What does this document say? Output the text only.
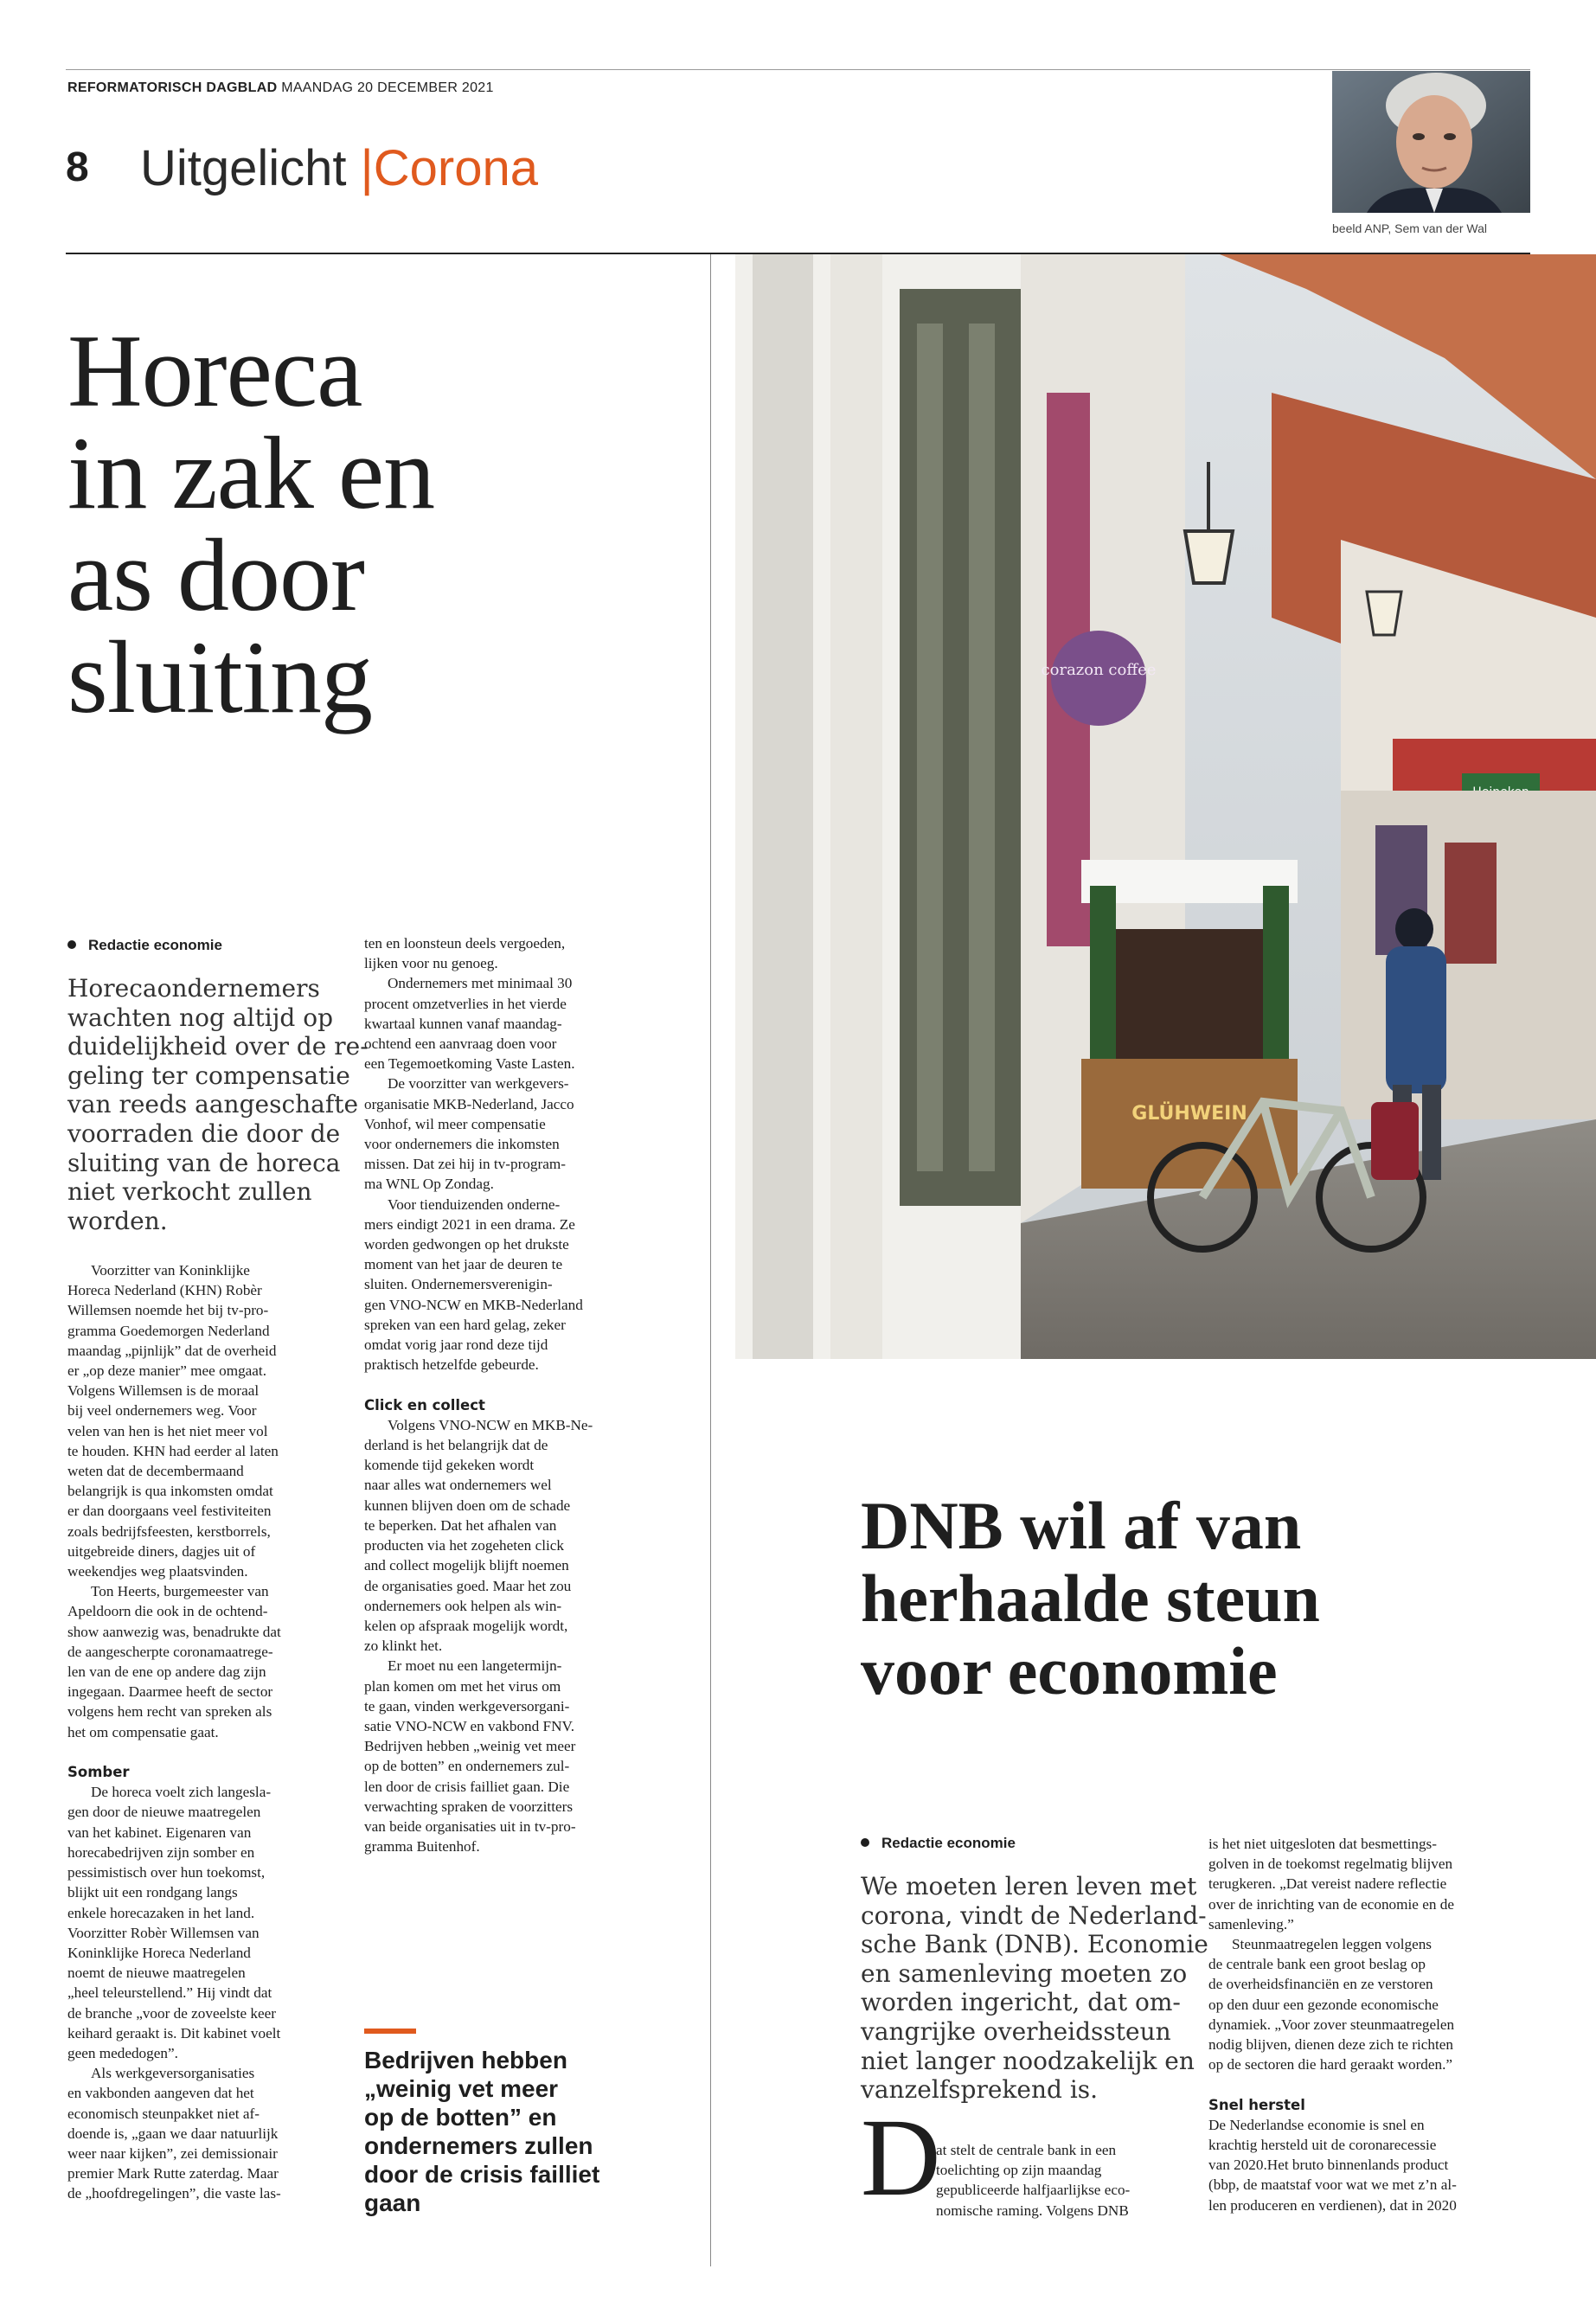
REFORMATORISCH DAGBLAD MAANDAG 20 DECEMBER 2021
8 Uitgelicht |Corona
beeld ANP, Sem van der Wal
Horeca
in zak en
as door
sluiting	corazon coffee
GLÜHWEIN
Redactie economie
Horecaondernemers
wachten nog altijd op
duidelijkheid over de re-
geling ter compensatie
van reeds aangeschafte
voorraden die door de
sluiting van de horeca
niet verkocht zullen
worden.
Voorzitter van Koninklijke
Horeca Nederland (KHN) Robèr
Willemsen noemde het bij tv-pro-
gramma Goedemorgen Nederland
maandag „pijnlijk” dat de overheid
er „op deze manier” mee omgaat.
Volgens Willemsen is de moraal
bij veel ondernemers weg. Voor
velen van hen is het niet meer vol
te houden. KHN had eerder al laten
weten dat de decembermaand
belangrijk is qua inkomsten omdat
er dan doorgaans veel festiviteiten
zoals bedrijfsfeesten, kerstborrels,
uitgebreide diners, dagjes uit of
weekendjes weg plaatsvinden.
Ton Heerts, burgemeester van
Apeldoorn die ook in de ochtend-
show aanwezig was, benadrukte dat
de aangescherpte coronamaatrege-
len van de ene op andere dag zijn
ingegaan. Daarmee heeft de sector
volgens hem recht van spreken als
het om compensatie gaat.

Somber
De horeca voelt zich langesla-
gen door de nieuwe maatregelen
van het kabinet. Eigenaren van
horecabedrijven zijn somber en
pessimistisch over hun toekomst,
blijkt uit een rondgang langs
enkele horecazaken in het land.
Voorzitter Robèr Willemsen van
Koninklijke Horeca Nederland
noemt de nieuwe maatregelen
„heel teleurstellend.” Hij vindt dat
de branche „voor de zoveelste keer
keihard geraakt is. Dit kabinet voelt
geen mededogen”.
Als werkgeversorganisaties
en vakbonden aangeven dat het
economisch steunpakket niet af-
doende is, „gaan we daar natuurlijk
weer naar kijken”, zei demissionair
premier Mark Rutte zaterdag. Maar
de „hoofdregelingen”, die vaste las-
ten en loonsteun deels vergoeden,
lijken voor nu genoeg.
Ondernemers met minimaal 30
procent omzetverlies in het vierde
kwartaal kunnen vanaf maandag-
ochtend een aanvraag doen voor
een Tegemoetkoming Vaste Lasten.
De voorzitter van werkgevers-
organisatie MKB-Nederland, Jacco
Vonhof, wil meer compensatie
voor ondernemers die inkomsten
missen. Dat zei hij in tv-program-
ma WNL Op Zondag.
Voor tienduizenden onderne-
mers eindigt 2021 in een drama. Ze
worden gedwongen op het drukste
moment van het jaar de deuren te
sluiten. Ondernemersverenigin-
gen VNO-NCW en MKB-Nederland
spreken van een hard gelag, zeker
omdat vorig jaar rond deze tijd
praktisch hetzelfde gebeurde.

Click en collect
Volgens VNO-NCW en MKB-Ne-
derland is het belangrijk dat de
komende tijd gekeken wordt
naar alles wat ondernemers wel
kunnen blijven doen om de schade
te beperken. Dat het afhalen van
producten via het zogeheten click
and collect mogelijk blijft noemen
de organisaties goed. Maar het zou
ondernemers ook helpen als win-
kelen op afspraak mogelijk wordt,
zo klinkt het.
Er moet nu een langetermijn-
plan komen om met het virus om
te gaan, vinden werkgeversorgani-
satie VNO-NCW en vakbond FNV.
Bedrijven hebben „weinig vet meer
op de botten” en ondernemers zul-
len door de crisis failliet gaan. Die
verwachting spraken de voorzitters
van beide organisaties uit in tv-pro-
gramma Buitenhof.
Bedrijven hebben
„weinig vet meer
op de botten” en
ondernemers zullen
door de crisis failliet
gaan
DNB wil af van
herhaalde steun
voor economie
Redactie economie
We moeten leren leven met
corona, vindt de Nederland-
sche Bank (DNB). Economie
en samenleving moeten zo
worden ingericht, dat om-
vangrijke overheidssteun
niet langer noodzakelijk en
vanzelfsprekend is.
D
at stelt de centrale bank in een
toelichting op zijn maandag
gepubliceerde halfjaarlijkse eco-
nomische raming. Volgens DNB
is het niet uitgesloten dat besmettings-
golven in de toekomst regelmatig blijven
terugkeren. „Dat vereist nadere reflectie
over de inrichting van de economie en de
samenleving.”
Steunmaatregelen leggen volgens
de centrale bank een groot beslag op
de overheidsfinanciën en ze verstoren
op den duur een gezonde economische
dynamiek. „Voor zover steunmaatregelen
nodig blijven, dienen deze zich te richten
op de sectoren die hard geraakt worden.”

Snel herstel
De Nederlandse economie is snel en
krachtig hersteld uit de coronarecessie
van 2020.Het bruto binnenlands product
(bbp, de maatstaf voor wat we met z’n al-
len produceren en verdienen), dat in 2020
